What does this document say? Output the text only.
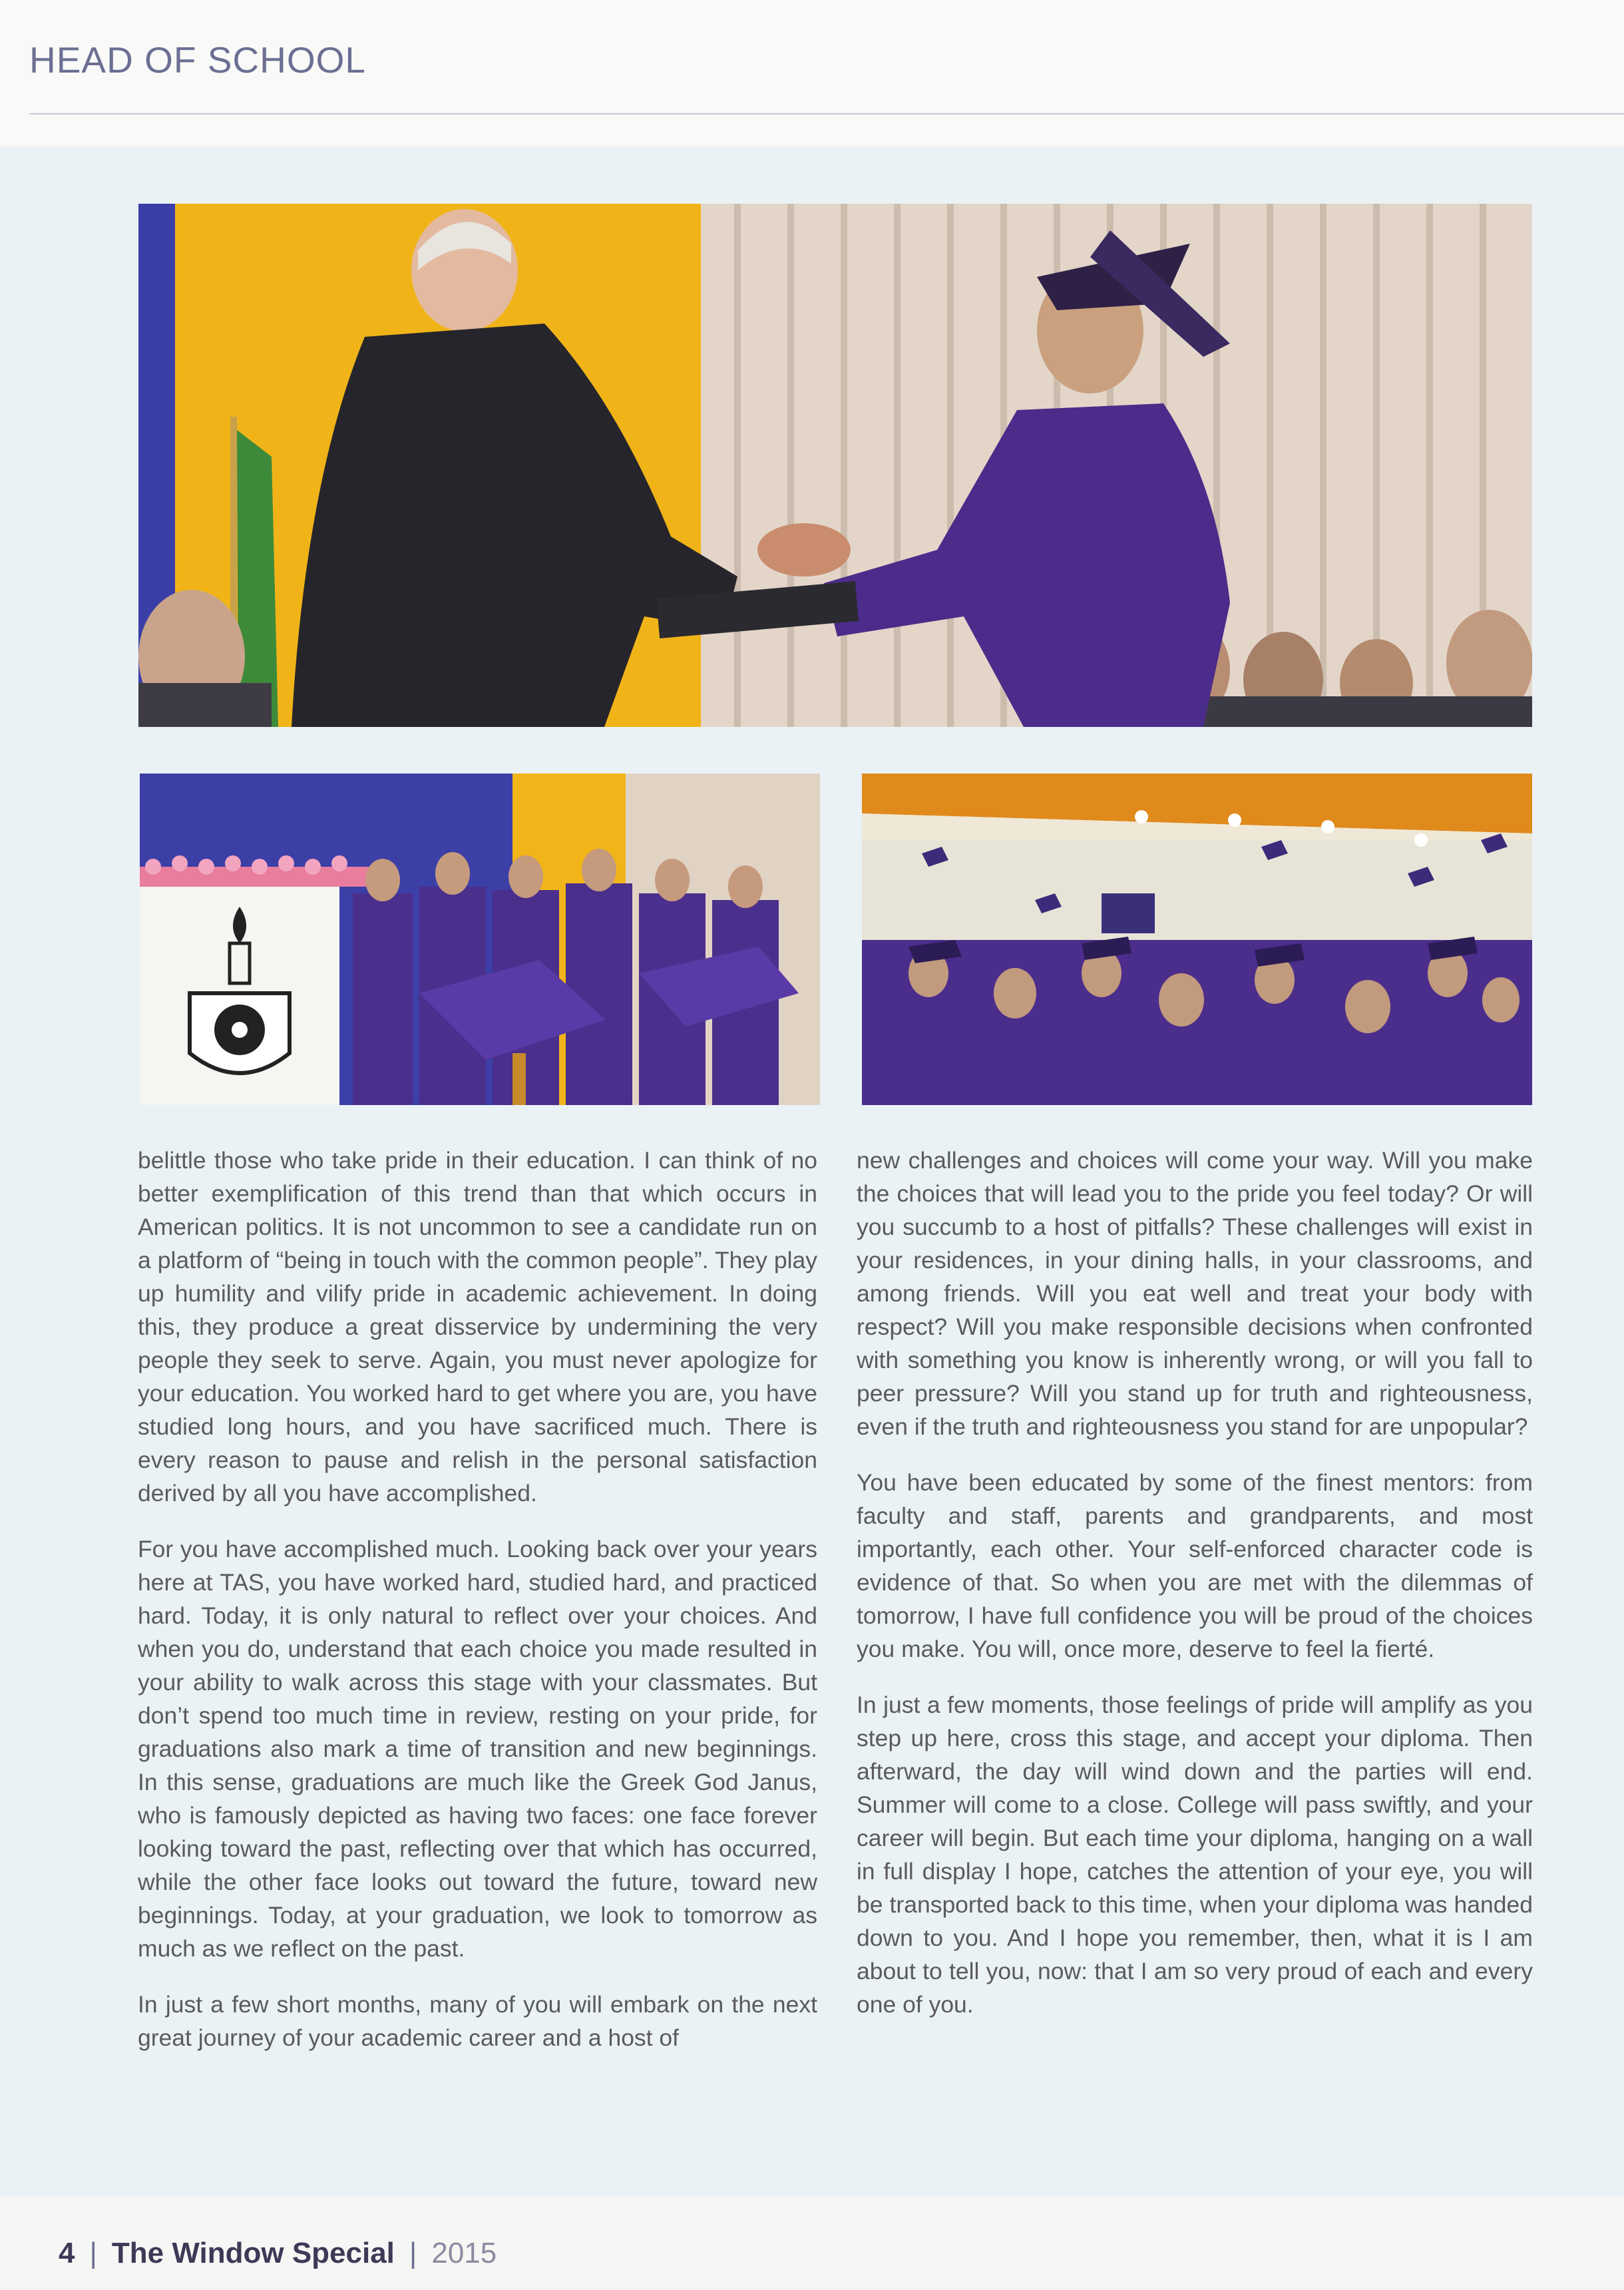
HEAD OF SCHOOL

belittle those who take pride in their education. I can think of no better exemplification of this trend than that which occurs in American politics. It is not uncommon to see a candidate run on a platform of “being in touch with the common people”. They play up humility and vilify pride in academic achievement. In doing this, they produce a great disservice by undermining the very people they seek to serve. Again, you must never apologize for your education. You worked hard to get where you are, you have studied long hours, and you have sacrificed much. There is every reason to pause and relish in the personal satisfaction derived by all you have accomplished.

For you have accomplished much. Looking back over your years here at TAS, you have worked hard, studied hard, and practiced hard. Today, it is only natural to reflect over your choices. And when you do, understand that each choice you made resulted in your ability to walk across this stage with your classmates. But don’t spend too much time in review, resting on your pride, for graduations also mark a time of transition and new beginnings. In this sense, graduations are much like the Greek God Janus, who is famously depicted as having two faces: one face forever looking toward the past, reflecting over that which has occurred, while the other face looks out toward the future, toward new beginnings. Today, at your graduation, we look to tomorrow as much as we reflect on the past.

In just a few short months, many of you will embark on the next great journey of your academic career and a host of

new challenges and choices will come your way. Will you make the choices that will lead you to the pride you feel today? Or will you succumb to a host of pitfalls? These challenges will exist in your residences, in your dining halls, in your classrooms, and among friends. Will you eat well and treat your body with respect? Will you make responsible decisions when confronted with something you know is inherently wrong, or will you fall to peer pressure? Will you stand up for truth and righteousness, even if the truth and righteousness you stand for are unpopular?

You have been educated by some of the finest mentors: from faculty and staff, parents and grandparents, and most importantly, each other. Your self-enforced character code is evidence of that. So when you are met with the dilemmas of tomorrow, I have full confidence you will be proud of the choices you make. You will, once more, deserve to feel la fierté.

In just a few moments, those feelings of pride will amplify as you step up here, cross this stage, and accept your diploma. Then afterward, the day will wind down and the parties will end. Summer will come to a close. College will pass swiftly, and your career will begin. But each time your diploma, hanging on a wall in full display I hope, catches the attention of your eye, you will be transported back to this time, when your diploma was handed down to you. And I hope you remember, then, what it is I am about to tell you, now: that I am so very proud of each and every one of you.

4 | The Window Special | 2015
